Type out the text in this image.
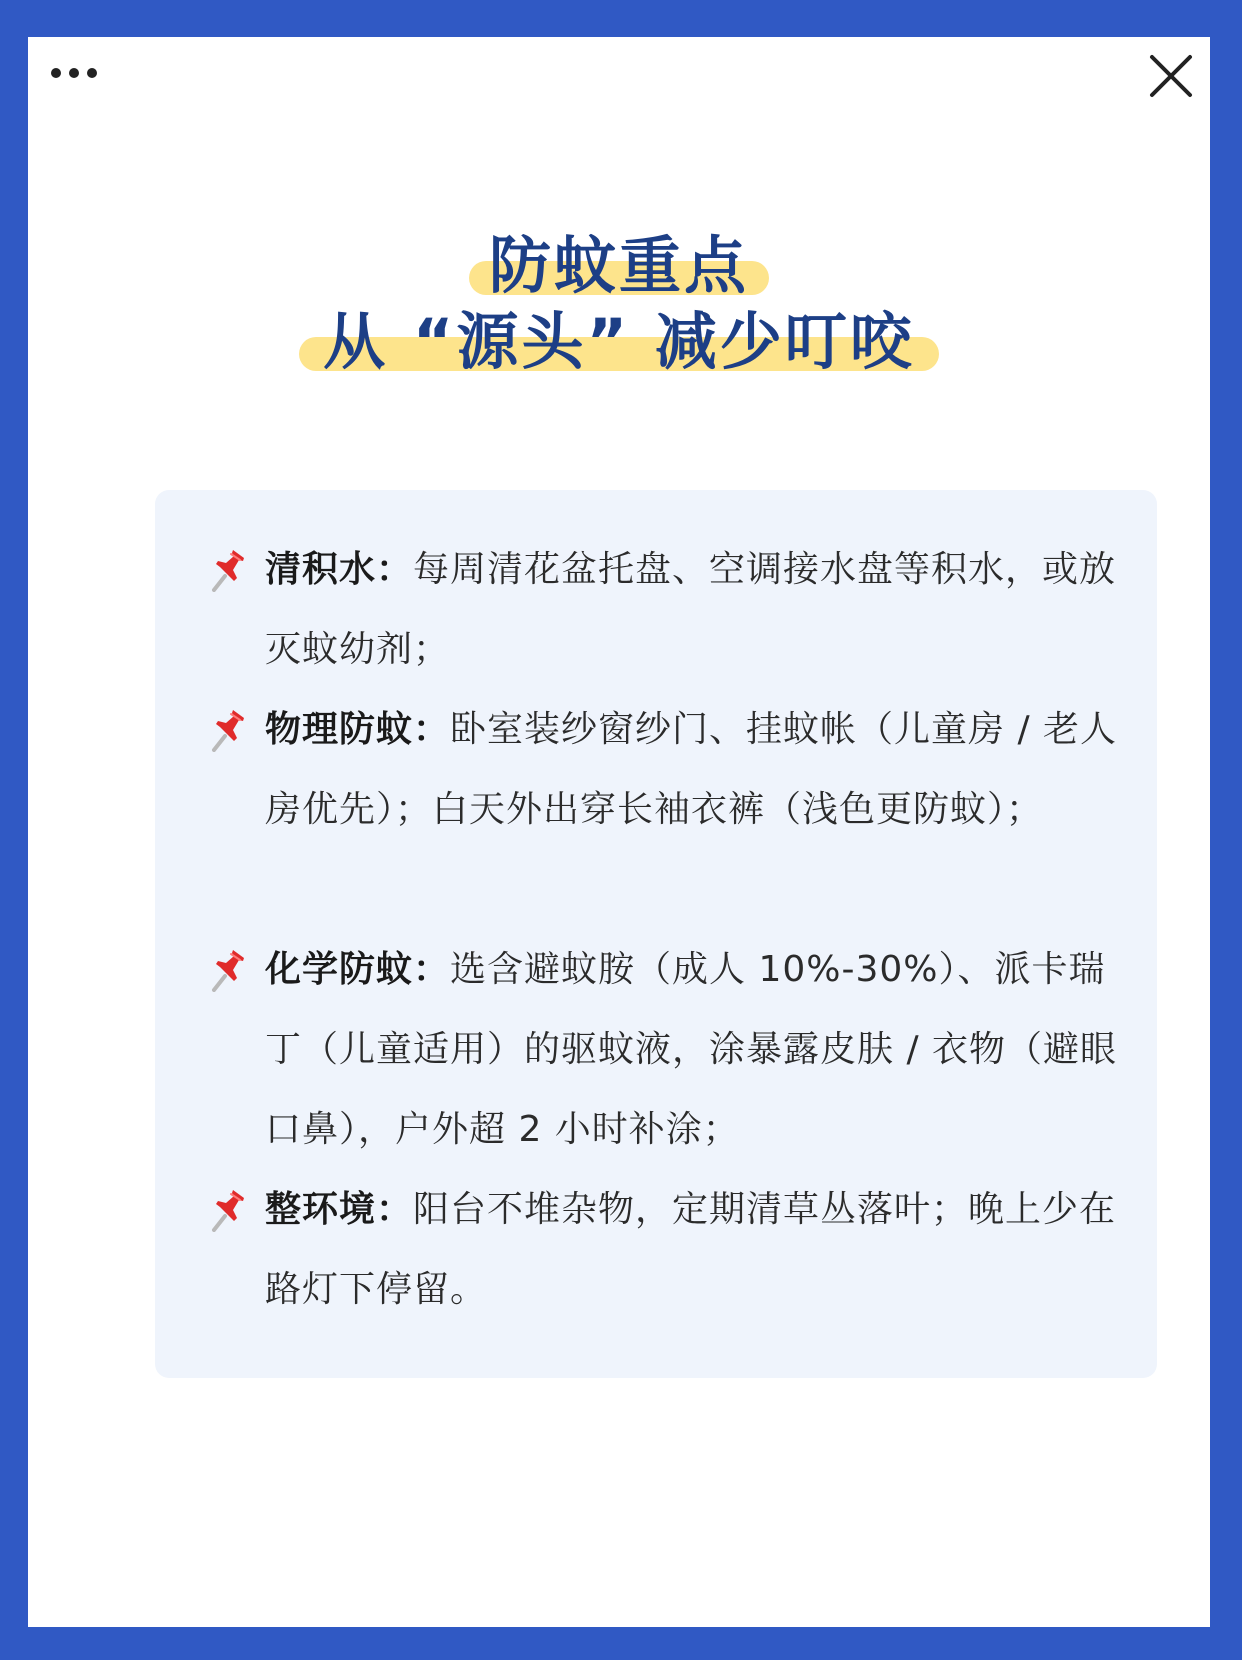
防蚊重点

从 “源头” 减少叮咬
清积水：每周清花盆托盘、空调接水盘等积水，或放灭蚊幼剂；
物理防蚊：卧室装纱窗纱门、挂蚊帐（儿童房 / 老人房优先）；白天外出穿长袖衣裤（浅色更防蚊）；
化学防蚊：选含避蚊胺（成人 10%-30%）、派卡瑞丁（儿童适用）的驱蚊液，涂暴露皮肤 / 衣物（避眼口鼻），户外超 2 小时补涂；
整环境：阳台不堆杂物，定期清草丛落叶；晚上少在路灯下停留。
